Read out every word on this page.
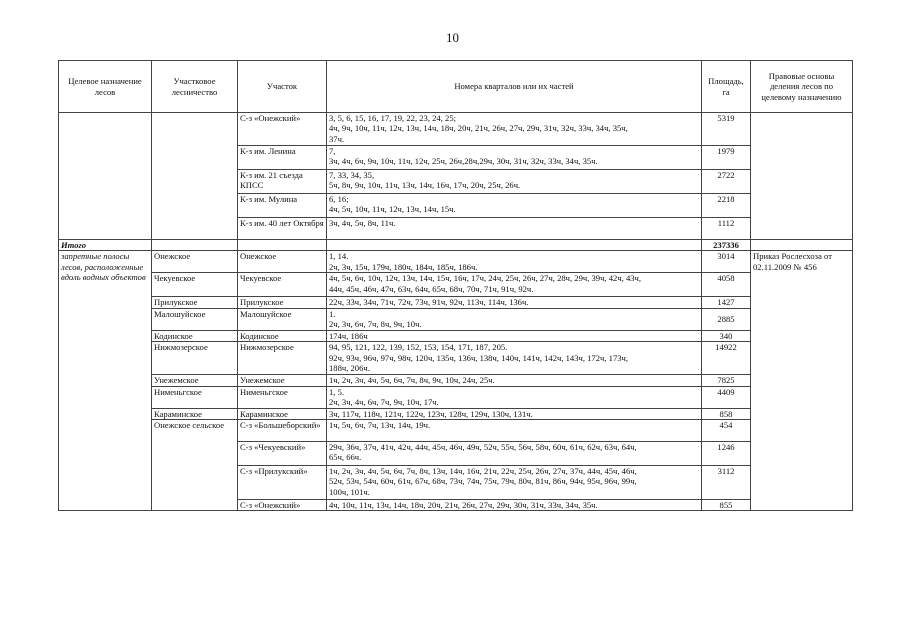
10
Целевое назначение лесов	Участковое лесничество	Участок	Номера кварталов или их частей	Площадь, га	Правовые основы деления лесов по целевому назначению
		С-з «Онежский»	3, 5, 6, 15, 16, 17, 19, 22, 23, 24, 25;
4ч, 9ч, 10ч, 11ч, 12ч, 13ч, 14ч, 18ч, 20ч, 21ч, 26ч, 27ч, 29ч, 31ч, 32ч, 33ч, 34ч, 35ч,
37ч.	5319	
		К-з им. Ленина	7,
3ч, 4ч, 6ч, 9ч, 10ч, 11ч, 12ч, 25ч, 26ч,28ч,29ч, 30ч, 31ч, 32ч, 33ч, 34ч, 35ч.	1979	
		К-з им. 21 съезда КПСС	7, 33, 34, 35,
5ч, 8ч, 9ч, 10ч, 11ч, 13ч, 14ч, 16ч, 17ч, 20ч, 25ч, 26ч.	2722	
		К-з им. Мулина	6, 16;
4ч, 5ч, 10ч, 11ч, 12ч, 13ч, 14ч, 15ч.	2218	
		К-з им. 40 лет Октября	3ч, 4ч, 5ч, 8ч, 11ч.	1112	
Итого				237336	
запретные полосы лесов, расположенные вдоль водных объектов	Онежское	Онежское	1, 14.
2ч, 3ч, 15ч, 179ч, 180ч, 184ч, 185ч, 186ч.	3014	Приказ Рослесхоза от 02.11.2009 № 456
	Чекуевское	Чекуевское	4ч, 5ч, 6ч, 10ч, 12ч, 13ч, 14ч, 15ч, 16ч, 17ч, 24ч, 25ч, 26ч, 27ч, 28ч, 29ч, 39ч, 42ч, 43ч,
44ч, 45ч, 46ч, 47ч, 63ч, 64ч, 65ч, 68ч, 70ч, 71ч, 91ч, 92ч.	4058	
	Прилукское	Прилукское	22ч, 33ч, 34ч, 71ч, 72ч, 73ч, 91ч, 92ч, 113ч, 114ч, 136ч.	1427	
	Малошуйское	Малошуйское	1.
2ч, 3ч, 6ч, 7ч, 8ч, 9ч, 10ч.	2885	
	Кодинское	Кодинское	174ч, 186ч	340	
	Нижмозерское	Нижмозерское	94, 95, 121, 122, 139, 152, 153, 154, 171, 187, 205.
92ч, 93ч, 96ч, 97ч, 98ч, 120ч, 135ч, 136ч, 138ч, 140ч, 141ч, 142ч, 143ч, 172ч, 173ч,
188ч, 206ч.	14922	
	Унежемское	Унежемское	1ч, 2ч, 3ч, 4ч, 5ч, 6ч, 7ч, 8ч, 9ч, 10ч, 24ч, 25ч.	7825	
	Нименьгское	Нименьгское	1, 5.
2ч, 3ч, 4ч, 6ч, 7ч, 9ч, 10ч, 17ч.	4409	
	Караминское	Караминское	3ч, 117ч, 118ч, 121ч, 122ч, 123ч, 128ч, 129ч, 130ч, 131ч.	858	
	Онежское сельское	С-з «Большеборский»	1ч, 5ч, 6ч, 7ч, 13ч, 14ч, 19ч.	454	
		С-з «Чекуевский»	29ч, 36ч, 37ч, 41ч, 42ч, 44ч, 45ч, 46ч, 49ч, 52ч, 55ч, 56ч, 58ч, 60ч, 61ч, 62ч, 63ч, 64ч,
65ч, 66ч.	1246	
		С-з «Прилукский»	1ч, 2ч, 3ч, 4ч, 5ч, 6ч, 7ч, 8ч, 13ч, 14ч, 16ч, 21ч, 22ч, 25ч, 26ч, 27ч, 37ч, 44ч, 45ч, 46ч,
52ч, 53ч, 54ч, 60ч, 61ч, 67ч, 68ч, 73ч, 74ч, 75ч, 79ч, 80ч, 81ч, 86ч, 94ч, 95ч, 96ч, 99ч,
100ч, 101ч.	3112	
		С-з «Онежский»	4ч, 10ч, 11ч, 13ч, 14ч, 18ч, 20ч, 21ч, 26ч, 27ч, 29ч, 30ч, 31ч, 33ч, 34ч, 35ч.	855	
